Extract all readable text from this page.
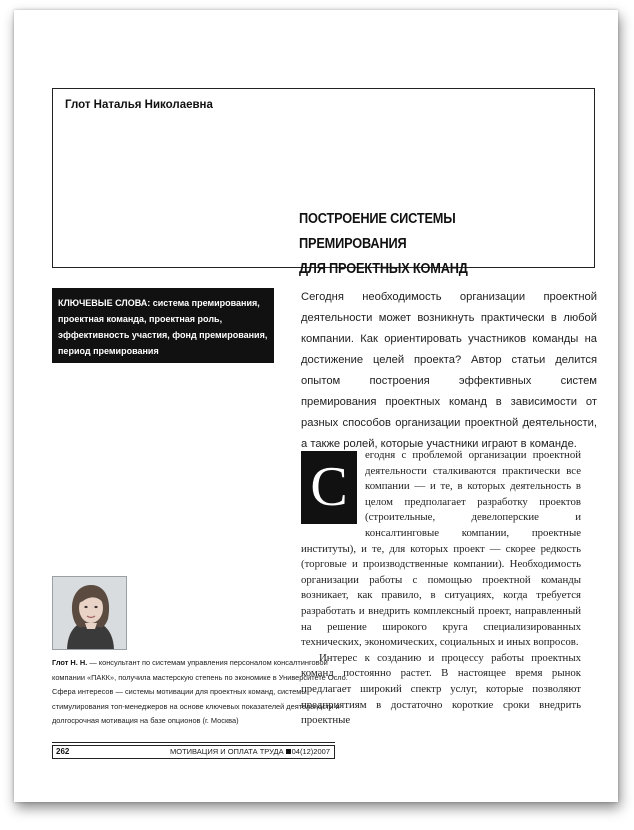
Глот Наталья Николаевна
ПОСТРОЕНИЕ СИСТЕМЫ ПРЕМИРОВАНИЯ
ДЛЯ ПРОЕКТНЫХ КОМАНД
КЛЮЧЕВЫЕ СЛОВА: система премирования, проектная команда, проектная роль, эффективность участия, фонд премирования, период премирования
Сегодня необходимость организации проектной деятельности может возникнуть практически в любой компании. Как ориентировать участников команды на достижение целей проекта? Автор статьи делится опытом построения эффективных систем премирования проектных команд в зависимости от разных способов организации проектной деятельности, а также ролей, которые участники играют в команде.
С

егодня с проблемой организации проектной деятельности сталкиваются практически все компании — и те, в которых деятельность в целом предполагает разработку проектов (строительные, девелоперские и консалтинговые компании, проектные институты), и те, для которых проект — скорее редкость (торговые и производственные компании). Необходимость организации работы с помощью проектной команды возникает, как правило, в ситуациях, когда требуется разработать и внедрить комплексный проект, направленный на решение широкого круга специализированных технических, экономических, социальных и иных вопросов.

Интерес к созданию и процессу работы проектных команд постоянно растет. В настоящее время рынок предлагает широкий спектр услуг, которые позволяют предприятиям в достаточно короткие сроки внедрить проектные

Глот Н. Н. — консультант по системам управления персоналом консалтинговой компании «ПАКК», получила мастерскую степень по экономике в Университете Осло. Сфера интересов — системы мотивации для проектных команд, системы стимулирования топ-менеджеров на основе ключевых показателей деятельности и долгосрочная мотивация на базе опционов (г. Москва)
262	МОТИВАЦИЯ И ОПЛАТА ТРУДА 04(12)2007
